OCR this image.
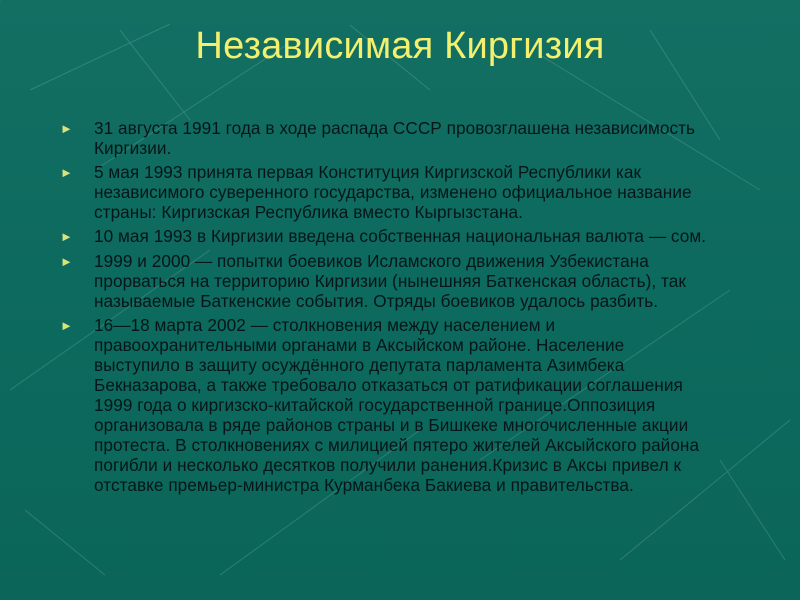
Независимая Киргизия
►	31 августа 1991 года в ходе распада СССР провозглашена независимость Киргизии.
►	5 мая 1993 принята первая Конституция Киргизской Республики как независимого суверенного государства, изменено официальное название страны: Киргизская Республика вместо Кыргызстана.
►	10 мая 1993 в Киргизии введена собственная национальная валюта — сом.
►	1999 и 2000 — попытки боевиков Исламского движения Узбекистана прорваться на территорию Киргизии (нынешняя Баткенская область), так называемые Баткенские события. Отряды боевиков удалось разбить.
►	16—18 марта 2002 — столкновения между населением и правоохранительными органами в Аксыйском районе. Население выступило в защиту осуждённого депутата парламента Азимбека Бекназарова, а также требовало отказаться от ратификации соглашения 1999 года о киргизско-китайской государственной границе.Оппозиция организовала в ряде районов страны и в Бишкеке многочисленные акции протеста. В столкновениях с милицией пятеро жителей Аксыйского района погибли и несколько десятков получили ранения.Кризис в Аксы привел к отставке премьер-министра Курманбека Бакиева и правительства.
